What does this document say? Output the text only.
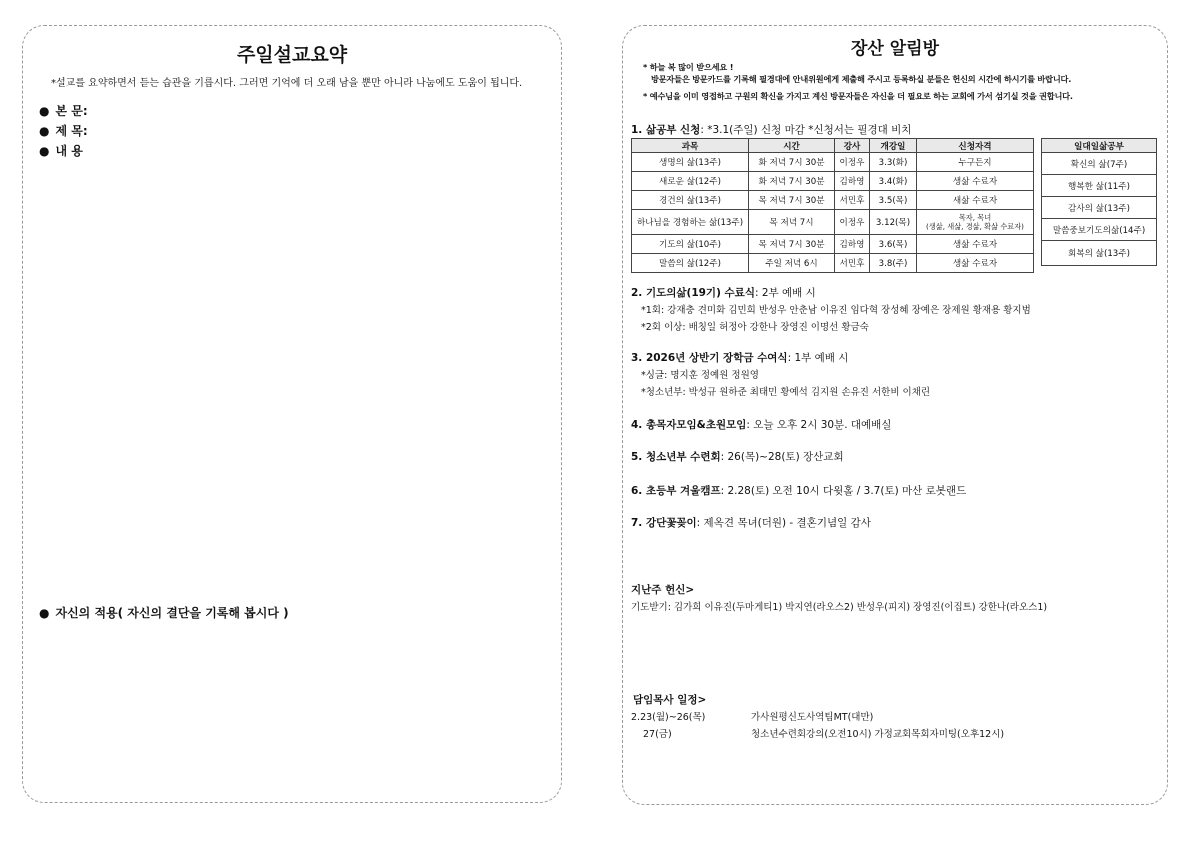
주일설교요약
*설교를 요약하면서 듣는 습관을 기릅시다. 그러면 기억에 더 오래 남을 뿐만 아니라 나눔에도 도움이 됩니다.
● 본 문:
● 제 목:
● 내 용
● 자신의 적용( 자신의 결단을 기록해 봅시다 )
장산 알림방
* 하늘 복 많이 받으세요 !
방문자들은 방문카드를 기록해 필경대에 안내위원에게 제출해 주시고 등록하실 분들은 헌신의 시간에 하시기를 바랍니다.
* 예수님을 이미 영접하고 구원의 확신을 가지고 계신 방문자들은 자신을 더 필요로 하는 교회에 가서 섬기실 것을 권합니다.
1. 삶공부 신청: *3.1(주일) 신청 마감 *신청서는 필경대 비치
과목	시간	강사	개강일	신청자격
생명의 삶(13주)	화 저녁 7시 30분	이정우	3.3(화)	누구든지
새로운 삶(12주)	화 저녁 7시 30분	김하영	3.4(화)	생삶 수료자
경건의 삶(13주)	목 저녁 7시 30분	서민후	3.5(목)	새삶 수료자
하나님을 경험하는 삶(13주)	목 저녁 7시	이정우	3.12(목)	목자, 목녀
(생삶, 새삶, 경삶, 확삶 수료자)

기도의 삶(10주)	목 저녁 7시 30분	김하영	3.6(목)	생삶 수료자
말씀의 삶(12주)	주일 저녁 6시	서민후	3.8(주)	생삶 수료자
일대일삶공부
확신의 삶(7주)
행복한 삶(11주)
감사의 삶(13주)
말씀중보기도의삶(14주)
회복의 삶(13주)
2. 기도의삶(19기) 수료식: 2부 예배 시
*1회: 강재충 견미화 김민희 반성우 안춘남 이유진 임다혁 장성혜 장예은 장제원 황재용 황지범
*2회 이상: 배칭일 허정아 강한나 장영진 이명선 황금숙
3. 2026년 상반기 장학금 수여식: 1부 예배 시
*싱글: 명지훈 정예원 정원영
*청소년부: 박성규 원하준 최태민 황예석 김지원 손유진 서한비 이채린
4. 총목자모임&초원모임: 오늘 오후 2시 30분. 대예배실
5. 청소년부 수련회: 26(목)~28(토) 장산교회
6. 초등부 겨울캠프: 2.28(토) 오전 10시 다윗홀 / 3.7(토) 마산 로봇랜드
7. 강단꽃꽂이: 제옥견 목녀(더원) - 결혼기념일 감사
지난주 헌신>
기도받기: 김가희 이유진(두마게티1) 박지연(라오스2) 반성우(피지) 장영진(이집트) 강한나(라오스1)
담임목사 일정>
2.23(월)~26(목)	가사원평신도사역팀MT(대만)
27(금)	청소년수련회강의(오전10시) 가정교회목회자미팅(오후12시)
